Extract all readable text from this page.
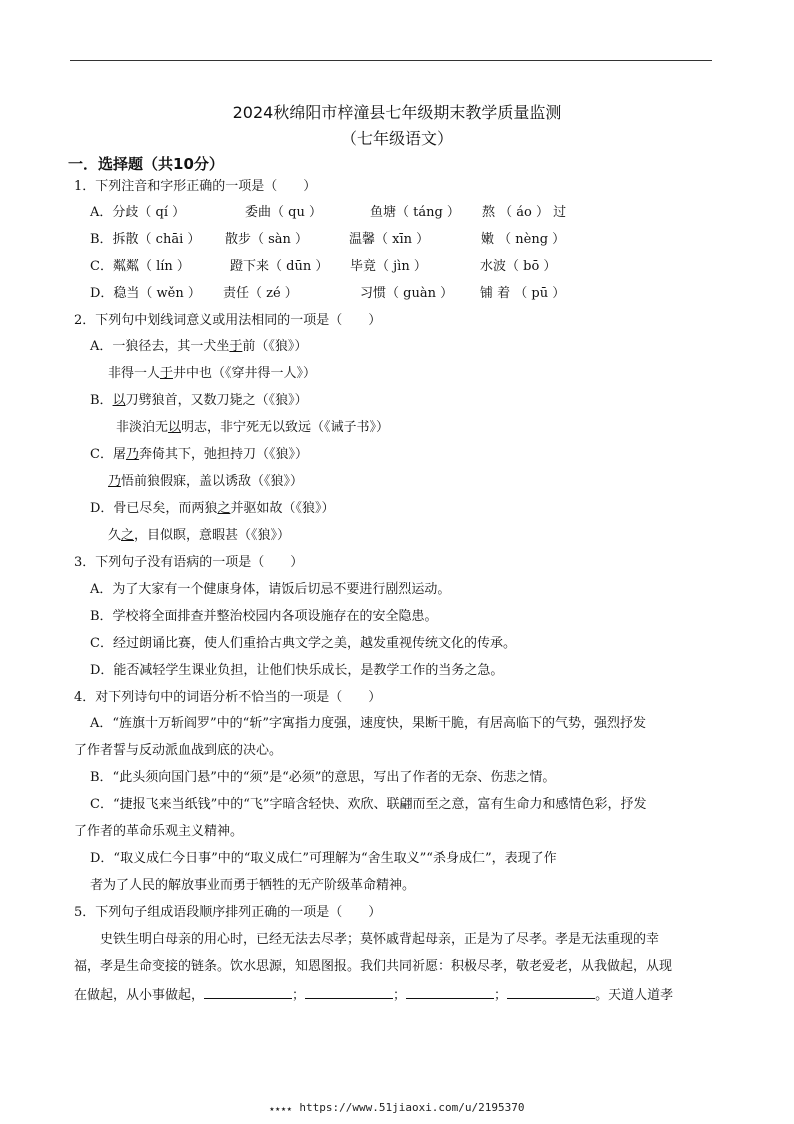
2024秋绵阳市梓潼县七年级期末教学质量监测
（七年级语文）
一．选择题（共10分）
1．下列注音和字形正确的一项是（　　）
A．分歧（ qí ）	委曲（ qu ）	鱼塘（ táng ）	熬 （ áo ） 过
B．拆散（ chāi ）	散步（ sàn ）	温馨（ xīn ）	嫩 （ nèng ）
C．粼粼（ lín ）	蹬下来（ dūn ）	毕竟（ jìn ）	水波（ bō ）
D．稳当（ wěn ）	责任（ zé ）	习惯（ guàn ）	铺 着 （ pū ）
2．下列句中划线词意义或用法相同的一项是（　　）
A．一狼径去，其一犬坐于前（《狼》）
非得一人于井中也（《穿井得一人》）
B．以刀劈狼首，又数刀毙之（《狼》）
非淡泊无以明志，非宁死无以致远（《诫子书》）
C．屠乃奔倚其下，弛担持刀（《狼》）
乃悟前狼假寐，盖以诱敌（《狼》）
D．骨已尽矣，而两狼之并驱如故（《狼》）
久之，目似瞑，意暇甚（《狼》）
3．下列句子没有语病的一项是（　　）
A．为了大家有一个健康身体，请饭后切忌不要进行剧烈运动。
B．学校将全面排查并整治校园内各项设施存在的安全隐患。
C．经过朗诵比赛，使人们重拾古典文学之美，越发重视传统文化的传承。
D．能否减轻学生课业负担，让他们快乐成长，是教学工作的当务之急。
4．对下列诗句中的词语分析不恰当的一项是（　　）
A．“旌旗十万斩阎罗”中的“斩”字寓指力度强，速度快，果断干脆，有居高临下的气势，强烈抒发
了作者誓与反动派血战到底的决心。
B．“此头须向国门悬”中的“须”是“必须”的意思，写出了作者的无奈、伤悲之情。
C．“捷报飞来当纸钱”中的“飞”字暗含轻快、欢欣、联翩而至之意，富有生命力和感情色彩，抒发
了作者的革命乐观主义精神。
D．“取义成仁今日事”中的“取义成仁”可理解为“舍生取义”“杀身成仁”，表现了作
者为了人民的解放事业而勇于牺牲的无产阶级革命精神。
5．下列句子组成语段顺序排列正确的一项是（　　）
史铁生明白母亲的用心时，已经无法去尽孝；莫怀戚背起母亲，正是为了尽孝。孝是无法重现的幸
福，孝是生命变接的链条。饮水思源，知恩图报。我们共同祈愿：积极尽孝，敬老爱老，从我做起，从现
在做起，从小事做起，	；	；	；	。天道人道孝
★★★★ https://www.51jiaoxi.com/u/2195370
